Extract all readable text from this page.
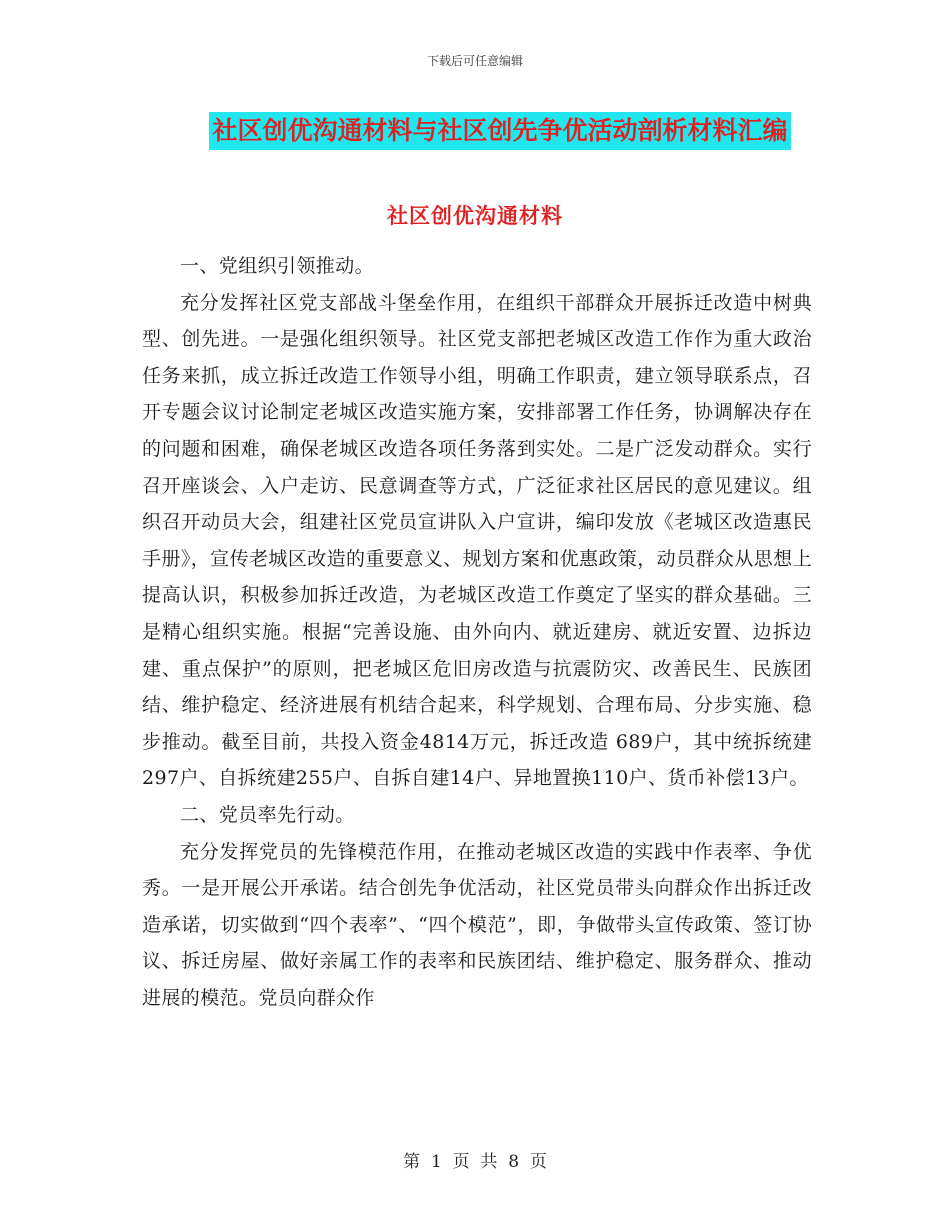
下载后可任意编辑
社区创优沟通材料与社区创先争优活动剖析材料汇编
社区创优沟通材料

一、党组织引领推动。

充分发挥社区党支部战斗堡垒作用，在组织干部群众开展拆迁改造中树典型、创先进。一是强化组织领导。社区党支部把老城区改造工作作为重大政治任务来抓，成立拆迁改造工作领导小组，明确工作职责，建立领导联系点，召开专题会议讨论制定老城区改造实施方案，安排部署工作任务，协调解决存在的问题和困难，确保老城区改造各项任务落到实处。二是广泛发动群众。实行召开座谈会、入户走访、民意调查等方式，广泛征求社区居民的意见建议。组织召开动员大会，组建社区党员宣讲队入户宣讲，编印发放《老城区改造惠民手册》，宣传老城区改造的重要意义、规划方案和优惠政策，动员群众从思想上提高认识，积极参加拆迁改造，为老城区改造工作奠定了坚实的群众基础。三是精心组织实施。根据“完善设施、由外向内、就近建房、就近安置、边拆边建、重点保护”的原则，把老城区危旧房改造与抗震防灾、改善民生、民族团结、维护稳定、经济进展有机结合起来，科学规划、合理布局、分步实施、稳步推动。截至目前，共投入资金4814万元，拆迁改造 689户，其中统拆统建297户、自拆统建255户、自拆自建14户、异地置换110户、货币补偿13户。

二、党员率先行动。

充分发挥党员的先锋模范作用，在推动老城区改造的实践中作表率、争优秀。一是开展公开承诺。结合创先争优活动，社区党员带头向群众作出拆迁改造承诺，切实做到“四个表率”、“四个模范”，即，争做带头宣传政策、签订协议、拆迁房屋、做好亲属工作的表率和民族团结、维护稳定、服务群众、推动进展的模范。党员向群众作

第  1  页  共  8  页
